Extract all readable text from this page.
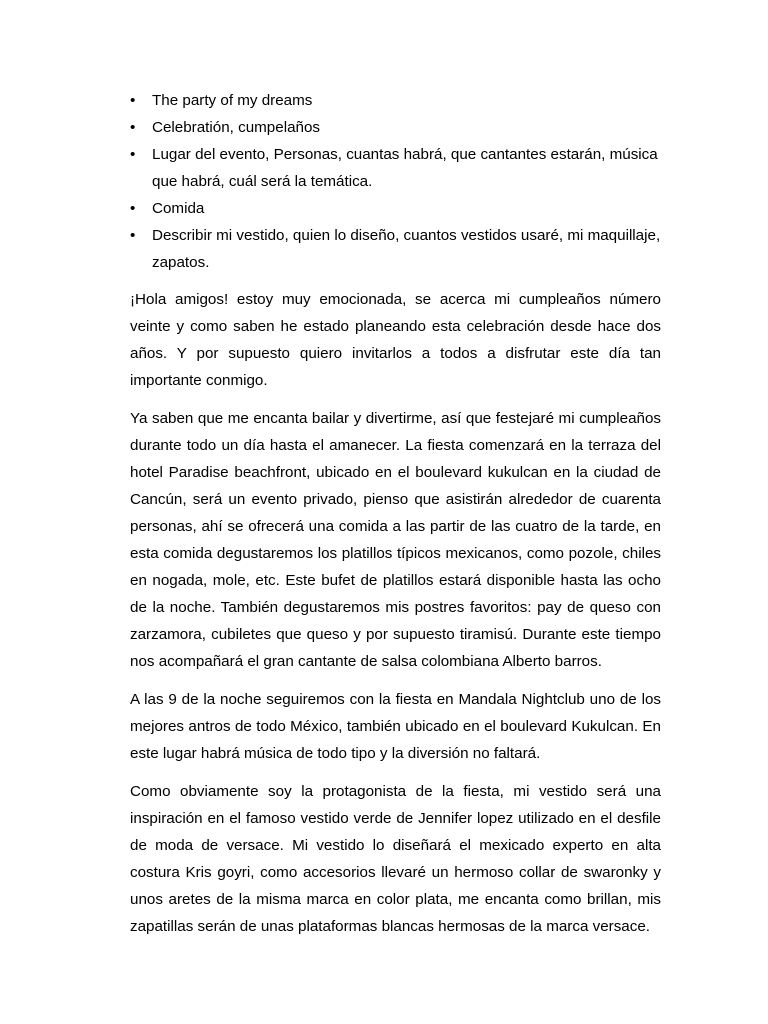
•	The party of my dreams
•	Celebratión, cumpelaños
•	Lugar del evento, Personas, cuantas habrá, que cantantes estarán, música que habrá, cuál será la temática.
•	Comida
•	Describir mi vestido, quien lo diseño, cuantos vestidos usaré, mi maquillaje, zapatos.

¡Hola amigos! estoy muy emocionada, se acerca mi cumpleaños número veinte y como saben he estado planeando esta celebración desde hace dos años. Y por supuesto quiero invitarlos a todos a disfrutar este día tan importante conmigo.

Ya saben que me encanta bailar y divertirme, así que festejaré mi cumpleaños durante todo un día hasta el amanecer. La fiesta comenzará en la terraza del hotel Paradise beachfront, ubicado en el boulevard kukulcan en la ciudad de Cancún, será un evento privado, pienso que asistirán alrededor de cuarenta personas, ahí se ofrecerá una comida a las partir de las cuatro de la tarde, en esta comida degustaremos los platillos típicos mexicanos, como pozole, chiles en nogada, mole, etc. Este bufet de platillos estará disponible hasta las ocho de la noche. También degustaremos mis postres favoritos: pay de queso con zarzamora, cubiletes que queso y por supuesto tiramisú. Durante este tiempo nos acompañará el gran cantante de salsa colombiana Alberto barros.

A las 9 de la noche seguiremos con la fiesta en Mandala Nightclub uno de los mejores antros de todo México, también ubicado en el boulevard Kukulcan. En este lugar habrá música de todo tipo y la diversión no faltará.

Como obviamente soy la protagonista de la fiesta, mi vestido será una inspiración en el famoso vestido verde de Jennifer lopez utilizado en el desfile de moda de versace. Mi vestido lo diseñará el mexicado experto en alta costura Kris goyri, como accesorios llevaré un hermoso collar de swaronky y unos aretes de la misma marca en color plata, me encanta como brillan, mis zapatillas serán de unas plataformas blancas hermosas de la marca versace.
